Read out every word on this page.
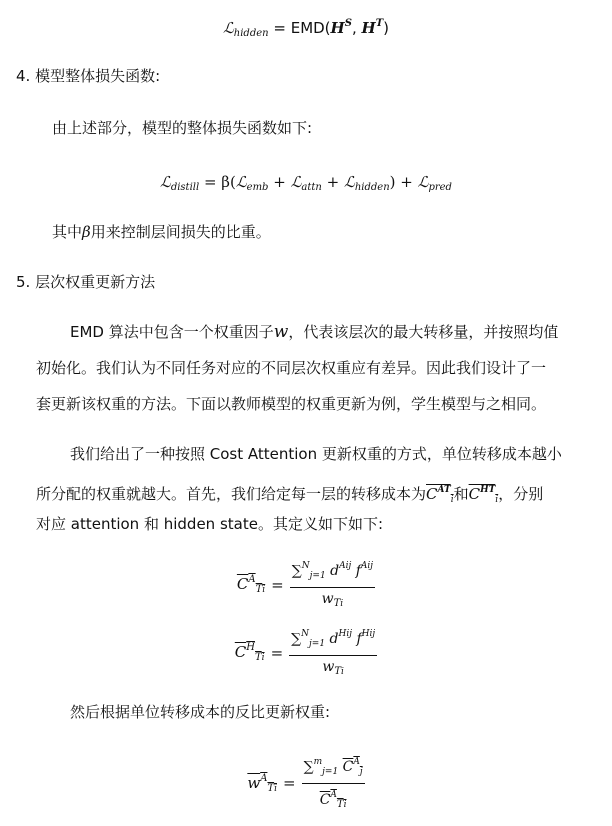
ℒ$_{hidden}$ = $EMD(H^S$, $H^T$)
4. 模型整体损失函数:
由上述部分，模型的整体损失函数如下:
ℒ$_{distill}$ = β(ℒ$_{emb}$ + ℒ$_{attn}$ + ℒ$_{hidden}$) + ℒ$_{pred}$
其中β用来控制层间损失的比重。
5. 层次权重更新方法
EMD 算法中包含一个权重因子w，代表该层次的最大转移量，并按照均值
初始化。我们认为不同任务对应的不同层次权重应有差异。因此我们设计了一
套更新该权重的方法。下面以教师模型的权重更新为例，学生模型与之相同。
我们给出了一种按照 Cost Attention 更新权重的方式，单位转移成本越小
所分配的权重就越大。首先，我们给定每一层的转移成本为$C^{AT}_i$和$C^{HT}_i$，分别
对应 attention 和 hidden state。其定义如下如下:
$C^A_{Ti} = \frac{\sum^N_{j=1} d^{Aij} f^{Aij}}{w_{Ti}}$
$C^H_{Ti} = \frac{\sum^N_{j=1} d^{Hij} f^{Hij}}{w_{Ti}}$
然后根据单位转移成本的反比更新权重:
$w^A_{Ti} = \frac{\sum^m_{j=1} C^A_j}{C^A_{Ti}}$
